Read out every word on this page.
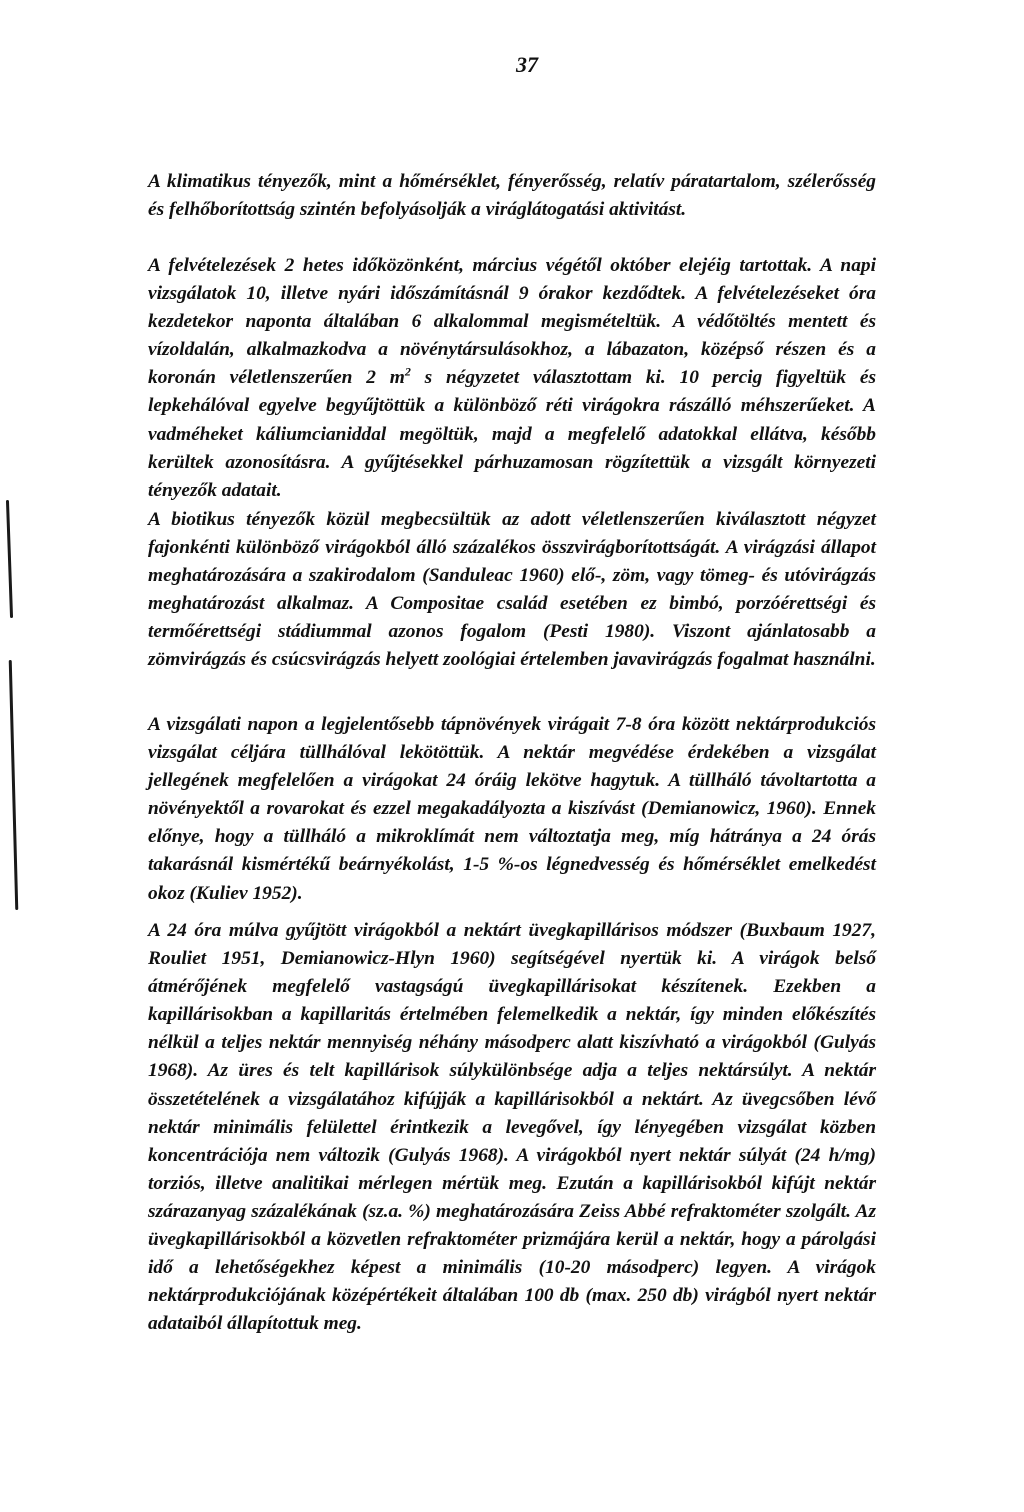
37

A klimatikus tényezők, mint a hőmérséklet, fényerősség, relatív páratartalom, szélerősség és felhőborítottság szintén befolyásolják a viráglátogatási aktivitást.

A felvételezések 2 hetes időközönként, március végétől október elejéig tartottak. A napi vizsgálatok 10, illetve nyári időszámításnál 9 órakor kezdődtek. A felvételezéseket óra kezdetekor naponta általában 6 alkalommal megismételtük. A védőtöltés mentett és vízoldalán, alkalmazkodva a növénytársulásokhoz, a lábazaton, középső részen és a koronán véletlenszerűen 2 $m^2$ s négyzetet választottam ki. 10 percig figyeltük és lepkehálóval egyelve begyűjtöttük a különböző réti virágokra rászálló méhszerűeket. A vadméheket káliumcianiddal megöltük, majd a megfelelő adatokkal ellátva, később kerültek azonosításra. A gyűjtésekkel párhuzamosan rögzítettük a vizsgált környezeti tényezők adatait.

A biotikus tényezők közül megbecsültük az adott véletlenszerűen kiválasztott négyzet fajonkénti különböző virágokból álló százalékos összvirágborítottságát. A virágzási állapot meghatározására a szakirodalom (Sanduleac 1960) elő-, zöm, vagy tömeg- és utóvirágzás meghatározást alkalmaz. A Compositae család esetében ez bimbó, porzóérettségi és termőérettségi stádiummal azonos fogalom (Pesti 1980). Viszont ajánlatosabb a zömvirágzás és csúcsvirágzás helyett zoológiai értelemben javavirágzás fogalmat használni.

A vizsgálati napon a legjelentősebb tápnövények virágait 7-8 óra között nektárprodukciós vizsgálat céljára tüllhálóval lekötöttük. A nektár megvédése érdekében a vizsgálat jellegének megfelelően a virágokat 24 óráig lekötve hagytuk. A tüllháló távoltartotta a növényektől a rovarokat és ezzel megakadályozta a kiszívást (Demianowicz, 1960). Ennek előnye, hogy a tüllháló a mikroklímát nem változtatja meg, míg hátránya a 24 órás takarásnál kismértékű beárnyékolást, 1-5 %-os légnedvesség és hőmérséklet emelkedést okoz (Kuliev 1952).

A 24 óra múlva gyűjtött virágokból a nektárt üvegkapillárisos módszer (Buxbaum 1927, Rouliet 1951, Demianowicz-Hlyn 1960) segítségével nyertük ki. A virágok belső átmérőjének megfelelő vastagságú üvegkapillárisokat készítenek. Ezekben a kapillárisokban a kapillaritás értelmében felemelkedik a nektár, így minden előkészítés nélkül a teljes nektár mennyiség néhány másodperc alatt kiszívható a virágokból (Gulyás 1968). Az üres és telt kapillárisok súlykülönbsége adja a teljes nektársúlyt. A nektár összetételének a vizsgálatához kifújják a kapillárisokból a nektárt. Az üvegcsőben lévő nektár minimális felülettel érintkezik a levegővel, így lényegében vizsgálat közben koncentrációja nem változik (Gulyás 1968). A virágokból nyert nektár súlyát (24 h/mg) torziós, illetve analitikai mérlegen mértük meg. Ezután a kapillárisokból kifújt nektár szárazanyag százalékának (sz.a. %) meghatározására Zeiss Abbé refraktométer szolgált. Az üvegkapillárisokból a közvetlen refraktométer prizmájára kerül a nektár, hogy a párolgási idő a lehetőségekhez képest a minimális (10-20 másodperc) legyen. A virágok nektárprodukciójának középértékeit általában 100 db (max. 250 db) virágból nyert nektár adataiból állapítottuk meg.
